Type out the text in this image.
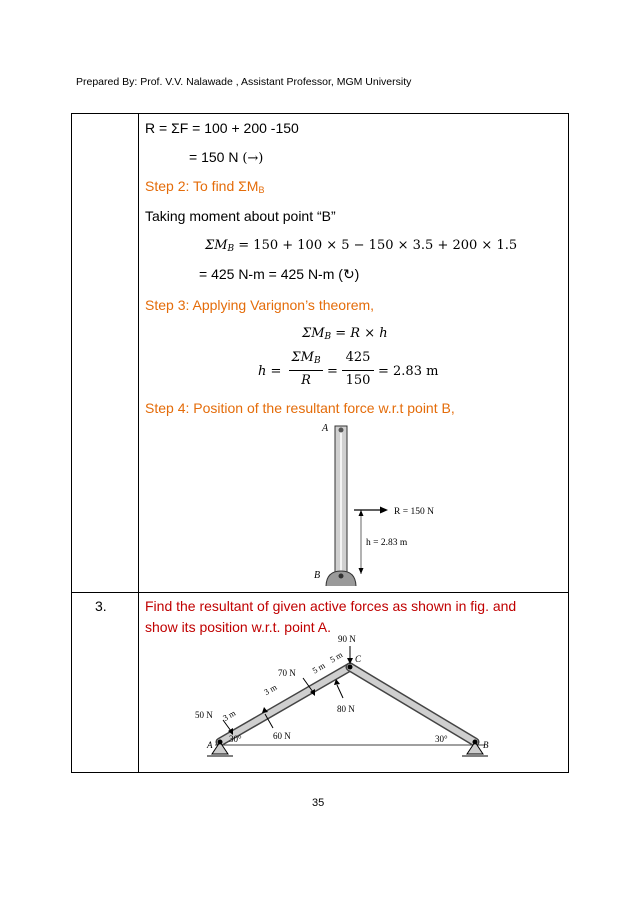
Prepared By: Prof. V.V. Nalawade , Assistant Professor, MGM University
R = ΣF = 100 + 200 -150
= 150 N (→)
Step 2: To find $\Sigma M_B$
Taking moment about point “B”
$\Sigma M_B = 150 + 100 \times 5 - 150 \times 3.5 + 200 \times 1.5$
= 425 N-m = 425 N-m (↻)
Step 3: Applying Varignon’s theorem,
$\Sigma M_B = R \times h$
h =
$\Sigma M_B$
R
=
425
150
= 2.83 m
Step 4: Position of the resultant force w.r.t point B,
A
B
R = 150 N
h = 2.83 m
3.	Find the resultant of given active forces as shown in fig. and
show its position w.r.t. point A.
A	B
C
30°	30°
90 N
70 N
50 N
80 N
60 N
3 m
3 m
5 m
5 m
35
